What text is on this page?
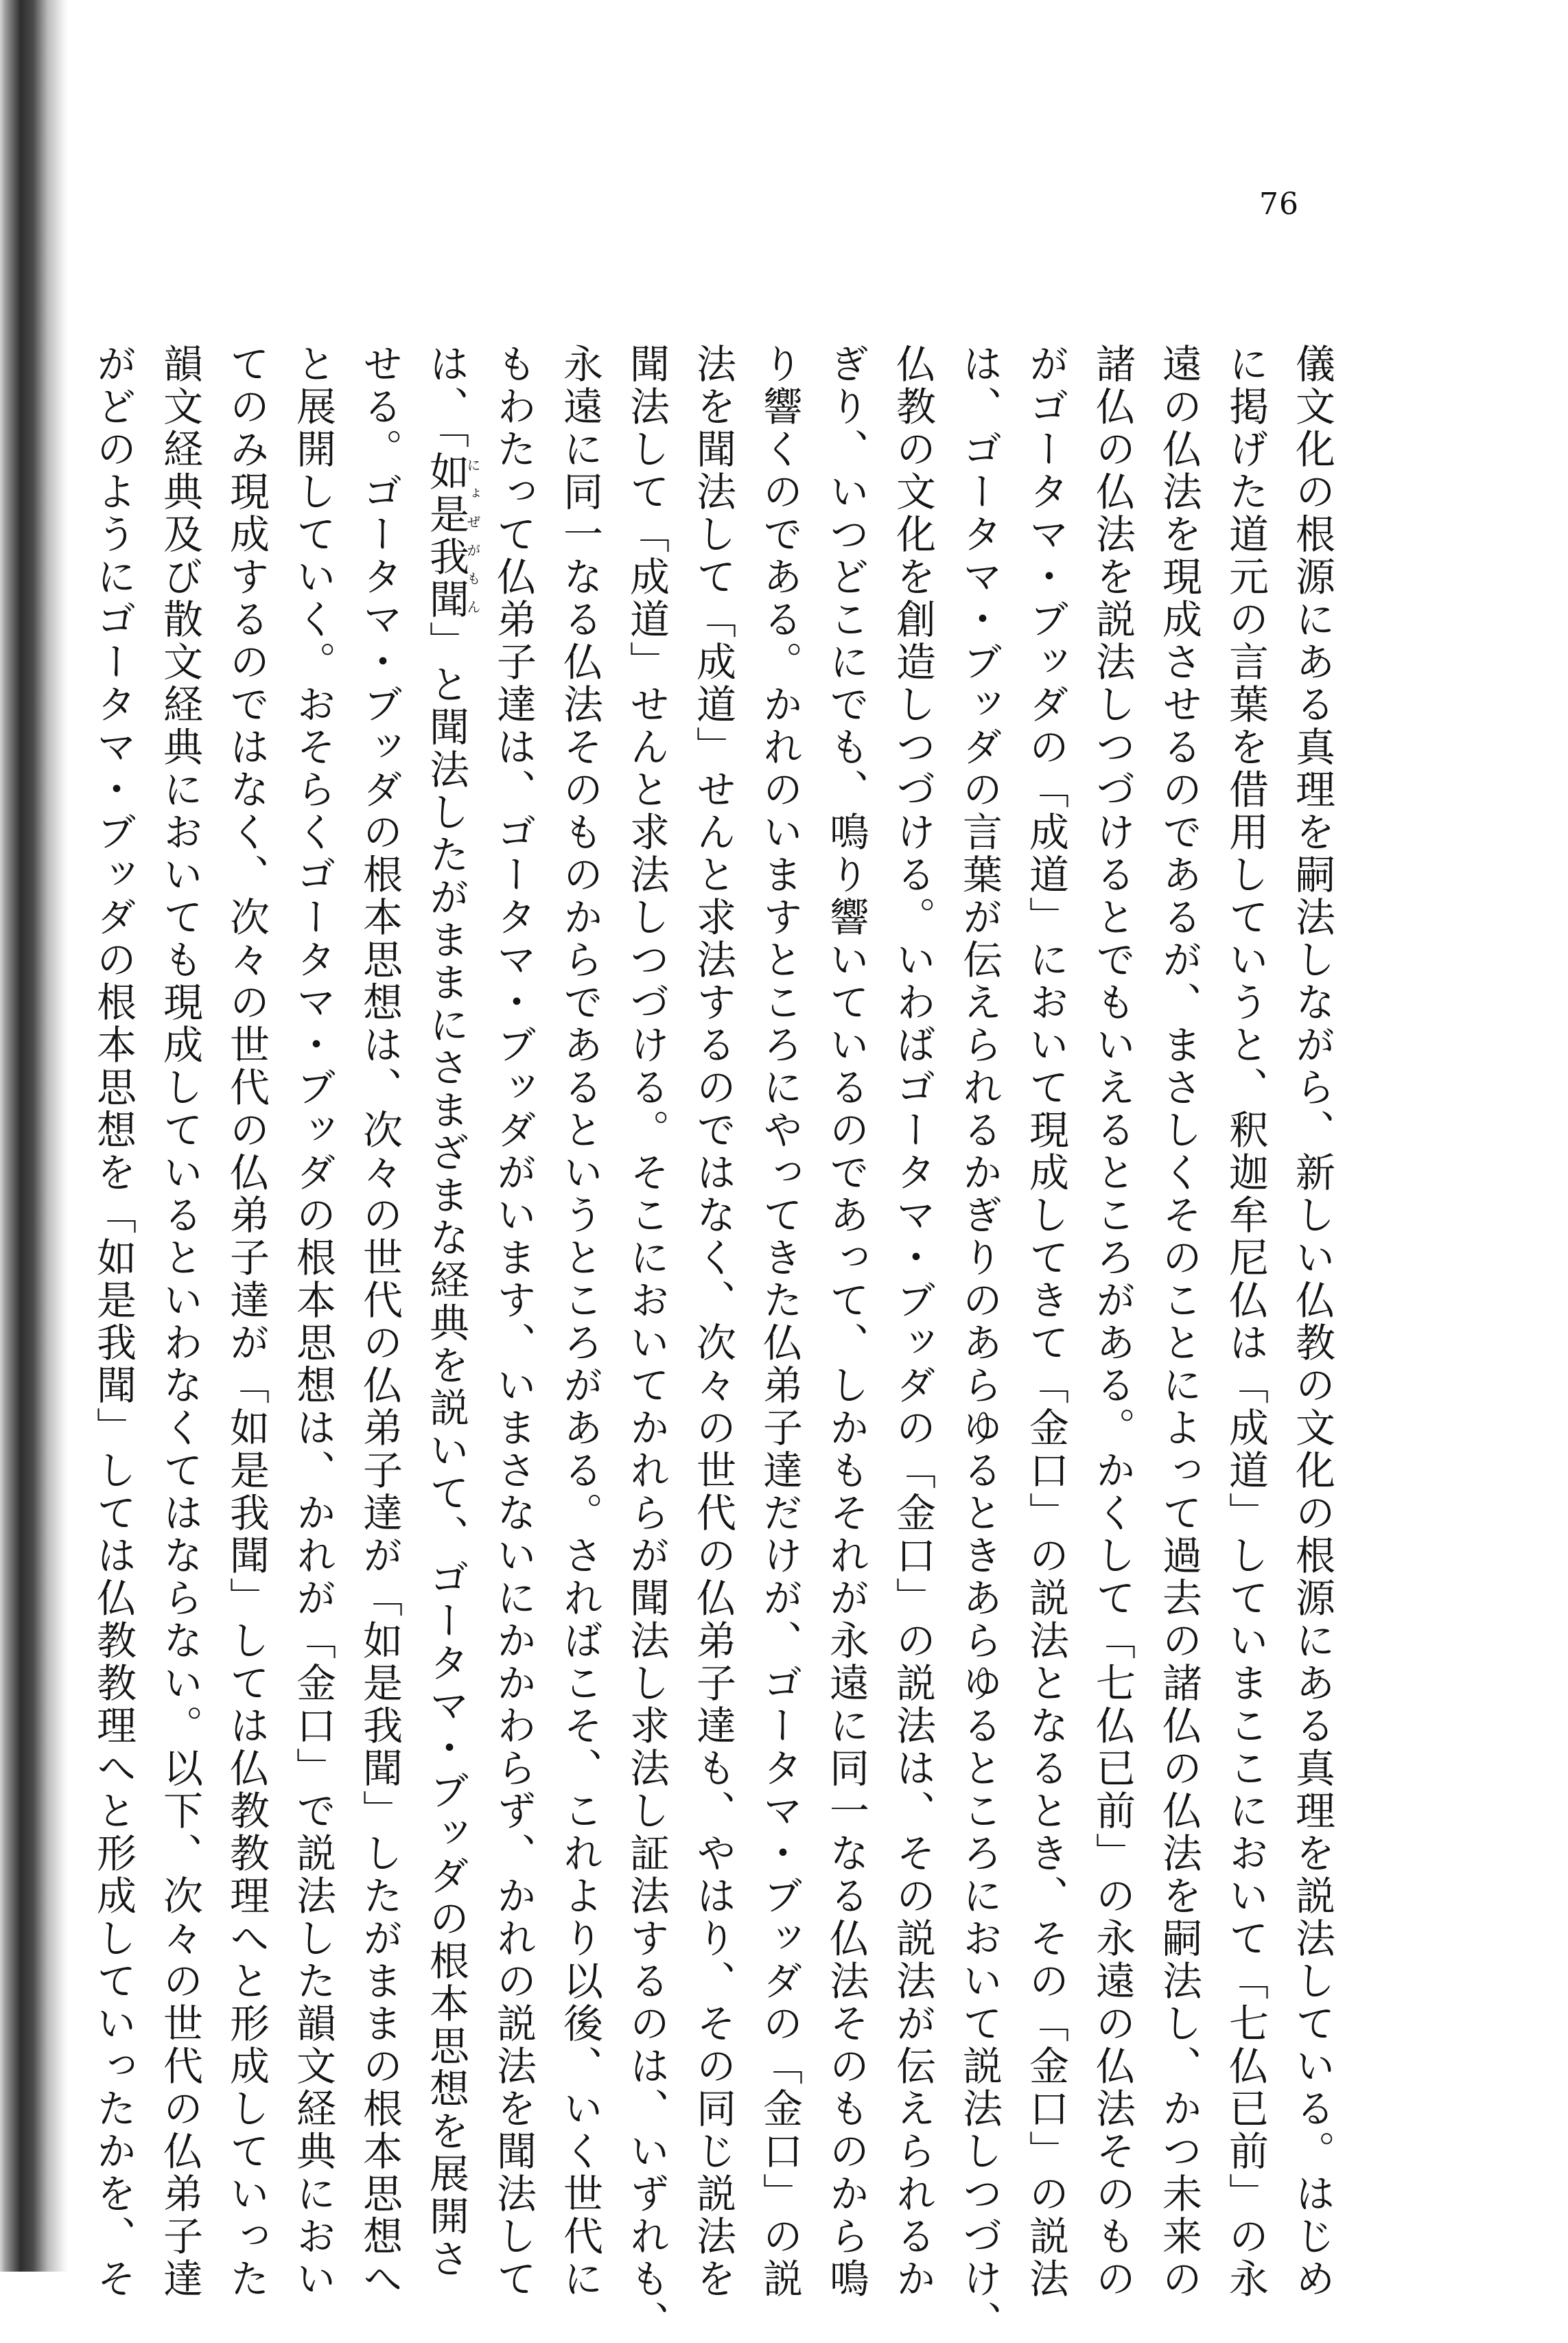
76
儀文化の根源にある真理を嗣法しながら、新しい仏教の文化の根源にある真理を説法している。はじめ
に掲げた道元の言葉を借用していうと、釈迦牟尼仏は「成道」していまここにおいて「七仏已前」の永
遠の仏法を現成させるのであるが、まさしくそのことによって過去の諸仏の仏法を嗣法し、かつ未来の
諸仏の仏法を説法しつづけるとでもいえるところがある。かくして「七仏已前」の永遠の仏法そのもの
がゴータマ・ブッダの「成道」において現成してきて「金口」の説法となるとき、その「金口」の説法
は、ゴータマ・ブッダの言葉が伝えられるかぎりのあらゆるときあらゆるところにおいて説法しつづけ、
仏教の文化を創造しつづける。いわばゴータマ・ブッダの「金口」の説法は、その説法が伝えられるか
ぎり、いつどこにでも、鳴り響いているのであって、しかもそれが永遠に同一なる仏法そのものから鳴
り響くのである。かれのいますところにやってきた仏弟子達だけが、ゴータマ・ブッダの「金口」の説
法を聞法して「成道」せんと求法するのではなく、次々の世代の仏弟子達も、やはり、その同じ説法を
聞法して「成道」せんと求法しつづける。そこにおいてかれらが聞法し求法し証法するのは、いずれも、
永遠に同一なる仏法そのものからであるというところがある。さればこそ、これより以後、いく世代に
もわたって仏弟子達は、ゴータマ・ブッダがいます、いまさないにかかわらず、かれの説法を聞法して
は、「如是我聞にょぜがもん」と聞法したがままにさまざまな経典を説いて、ゴータマ・ブッダの根本思想を展開さ
せる。ゴータマ・ブッダの根本思想は、次々の世代の仏弟子達が「如是我聞」したがままの根本思想へ
と展開していく。おそらくゴータマ・ブッダの根本思想は、かれが「金口」で説法した韻文経典におい
てのみ現成するのではなく、次々の世代の仏弟子達が「如是我聞」しては仏教教理へと形成していった
韻文経典及び散文経典においても現成しているといわなくてはならない。以下、次々の世代の仏弟子達
がどのようにゴータマ・ブッダの根本思想を「如是我聞」しては仏教教理へと形成していったかを、そ
